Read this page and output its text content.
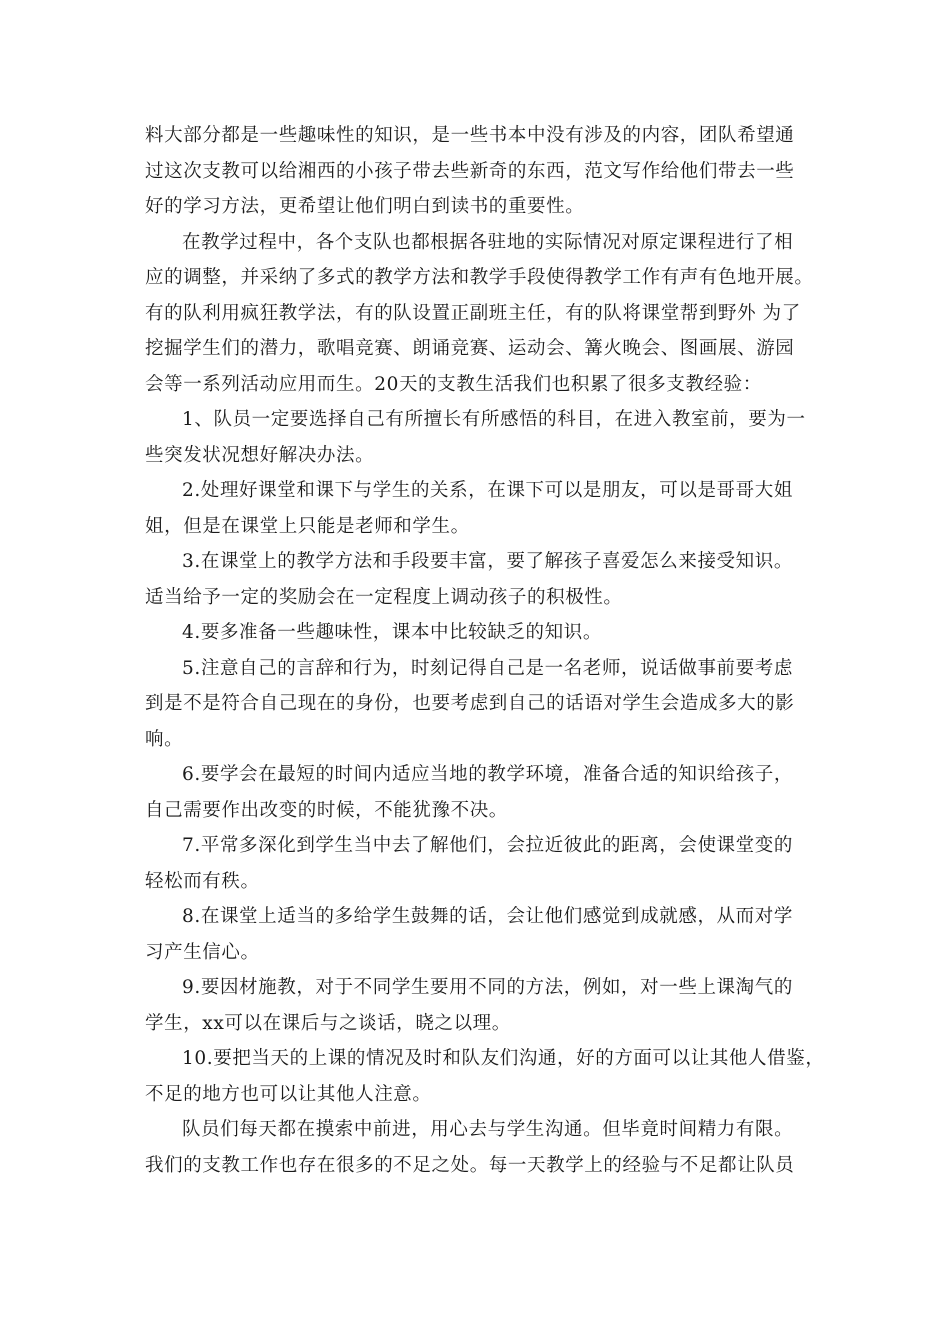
料大部分都是一些趣味性的知识，是一些书本中没有涉及的内容，团队希望通
过这次支教可以给湘西的小孩子带去些新奇的东西，范文写作给他们带去一些
好的学习方法，更希望让他们明白到读书的重要性。
在教学过程中，各个支队也都根据各驻地的实际情况对原定课程进行了相
应的调整，并采纳了多式的教学方法和教学手段使得教学工作有声有色地开展。
有的队利用疯狂教学法，有的队设置正副班主任，有的队将课堂帮到野外 为了
挖掘学生们的潜力，歌唱竞赛、朗诵竞赛、运动会、篝火晚会、图画展、游园
会等一系列活动应用而生。20天的支教生活我们也积累了很多支教经验：
1、队员一定要选择自己有所擅长有所感悟的科目，在进入教室前，要为一
些突发状况想好解决办法。
2.处理好课堂和课下与学生的关系，在课下可以是朋友，可以是哥哥大姐
姐，但是在课堂上只能是老师和学生。
3.在课堂上的教学方法和手段要丰富，要了解孩子喜爱怎么来接受知识。
适当给予一定的奖励会在一定程度上调动孩子的积极性。
4.要多准备一些趣味性，课本中比较缺乏的知识。
5.注意自己的言辞和行为，时刻记得自己是一名老师，说话做事前要考虑
到是不是符合自己现在的身份，也要考虑到自己的话语对学生会造成多大的影
响。
6.要学会在最短的时间内适应当地的教学环境，准备合适的知识给孩子，
自己需要作出改变的时候，不能犹豫不决。
7.平常多深化到学生当中去了解他们，会拉近彼此的距离，会使课堂变的
轻松而有秩。
8.在课堂上适当的多给学生鼓舞的话，会让他们感觉到成就感，从而对学
习产生信心。
9.要因材施教，对于不同学生要用不同的方法，例如，对一些上课淘气的
学生，xx可以在课后与之谈话，晓之以理。
10.要把当天的上课的情况及时和队友们沟通，好的方面可以让其他人借鉴，
不足的地方也可以让其他人注意。
队员们每天都在摸索中前进，用心去与学生沟通。但毕竟时间精力有限。
我们的支教工作也存在很多的不足之处。每一天教学上的经验与不足都让队员
